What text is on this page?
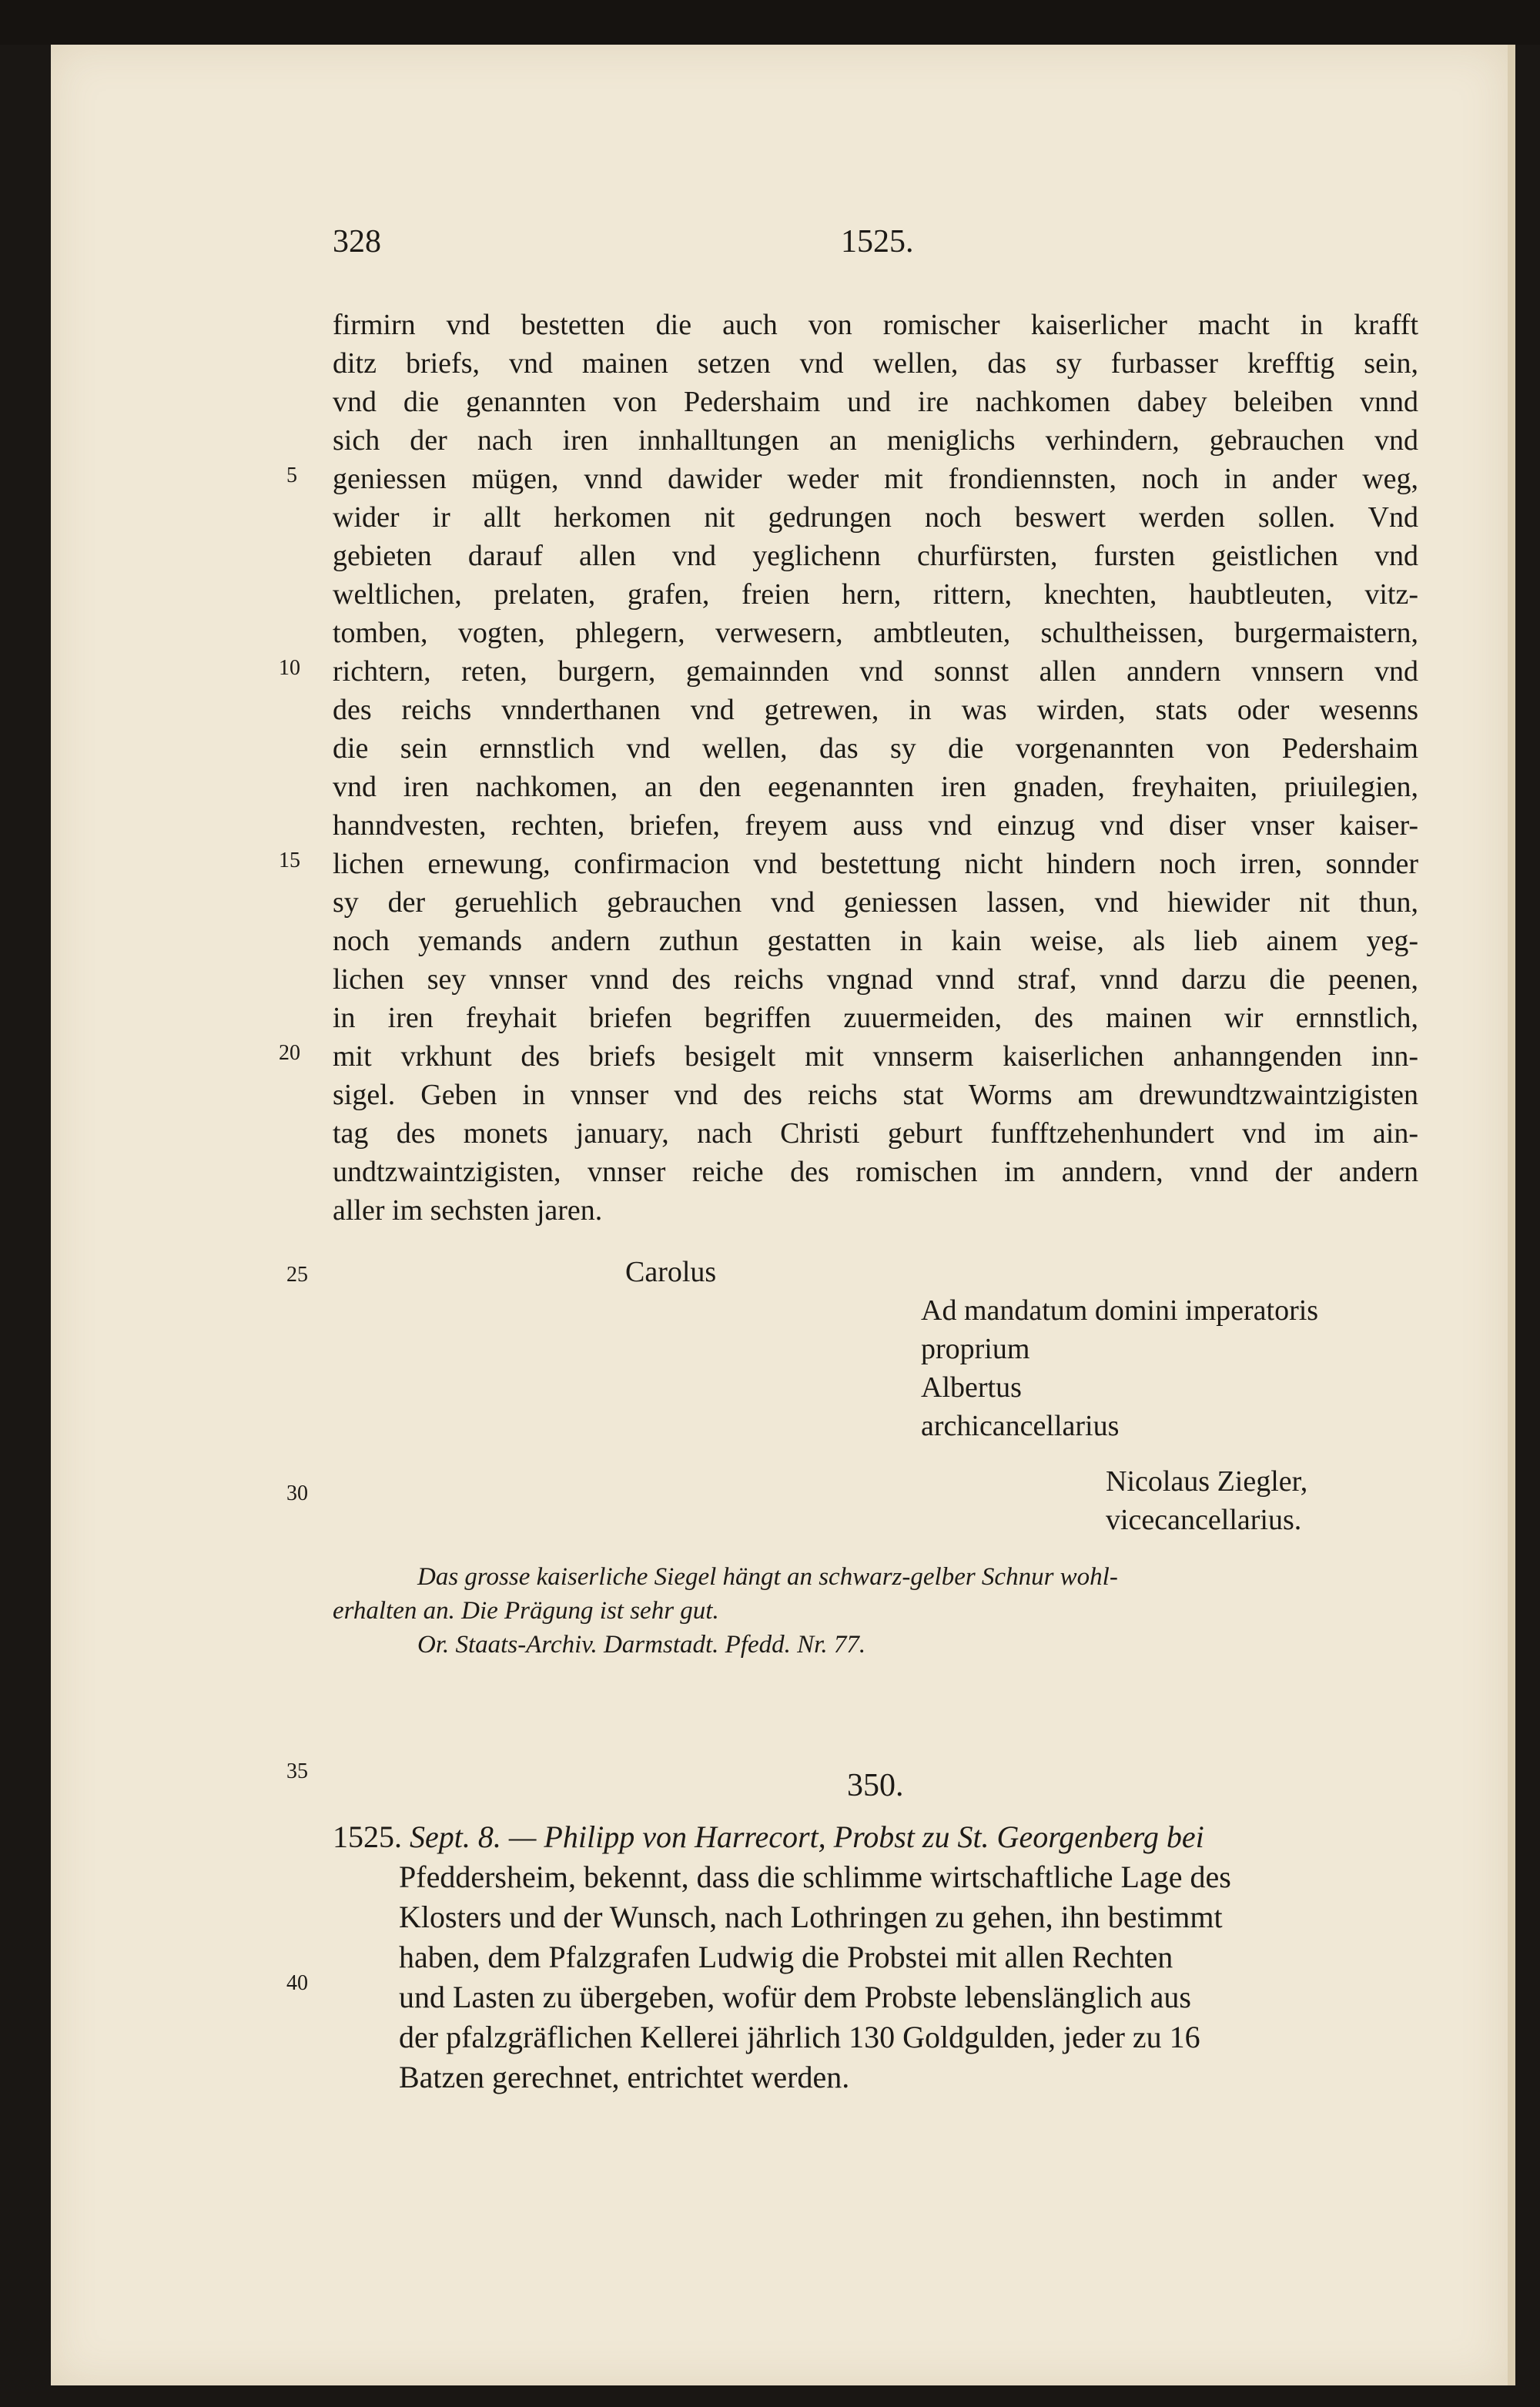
328	1525.
firmirn vnd bestetten die auch von romischer kaiserlicher macht in krafft
ditz briefs, vnd mainen setzen vnd wellen, das sy furbasser krefftig sein,
vnd die genannten von Pedershaim und ire nachkomen dabey beleiben vnnd
sich der nach iren innhalltungen an meniglichs verhindern, gebrauchen vnd
geniessen mügen, vnnd dawider weder mit frondiennsten, noch in ander weg,
wider ir allt herkomen nit gedrungen noch beswert werden sollen. Vnd
gebieten darauf allen vnd yeglichenn churfürsten, fursten geistlichen vnd
weltlichen, prelaten, grafen, freien hern, rittern, knechten, haubtleuten, vitz-
tomben, vogten, phlegern, verwesern, ambtleuten, schultheissen, burgermaistern,
richtern, reten, burgern, gemainnden vnd sonnst allen anndern vnnsern vnd
des reichs vnnderthanen vnd getrewen, in was wirden, stats oder wesenns
die sein ernnstlich vnd wellen, das sy die vorgenannten von Pedershaim
vnd iren nachkomen, an den eegenannten iren gnaden, freyhaiten, priuilegien,
hanndvesten, rechten, briefen, freyem auss vnd einzug vnd diser vnser kaiser-
lichen ernewung, confirmacion vnd bestettung nicht hindern noch irren, sonnder
sy der geruehlich gebrauchen vnd geniessen lassen, vnd hiewider nit thun,
noch yemands andern zuthun gestatten in kain weise, als lieb ainem yeg-
lichen sey vnnser vnnd des reichs vngnad vnnd straf, vnnd darzu die peenen,
in iren freyhait briefen begriffen zuuermeiden, des mainen wir ernnstlich,
mit vrkhunt des briefs besigelt mit vnnserm kaiserlichen anhanngenden inn-
sigel. Geben in vnnser vnd des reichs stat Worms am drewundtzwaintzigisten
tag des monets january, nach Christi geburt funfftzehenhundert vnd im ain-
undtzwaintzigisten, vnnser reiche des romischen im anndern, vnnd der andern
aller im sechsten jaren.
5
10
15
20
25
30
35
40
Carolus
Ad mandatum domini imperatoris
proprium
Albertus
archicancellarius
Nicolaus Ziegler,
vicecancellarius.
Das grosse kaiserliche Siegel hängt an schwarz-gelber Schnur wohl-
erhalten an. Die Prägung ist sehr gut.
Or. Staats-Archiv. Darmstadt. Pfedd. Nr. 77.
350.
1525. Sept. 8. — Philipp von Harrecort, Probst zu St. Georgenberg bei
Pfeddersheim, bekennt, dass die schlimme wirtschaftliche Lage des
Klosters und der Wunsch, nach Lothringen zu gehen, ihn bestimmt
haben, dem Pfalzgrafen Ludwig die Probstei mit allen Rechten
und Lasten zu übergeben, wofür dem Probste lebenslänglich aus
der pfalzgräflichen Kellerei jährlich 130 Goldgulden, jeder zu 16
Batzen gerechnet, entrichtet werden.
